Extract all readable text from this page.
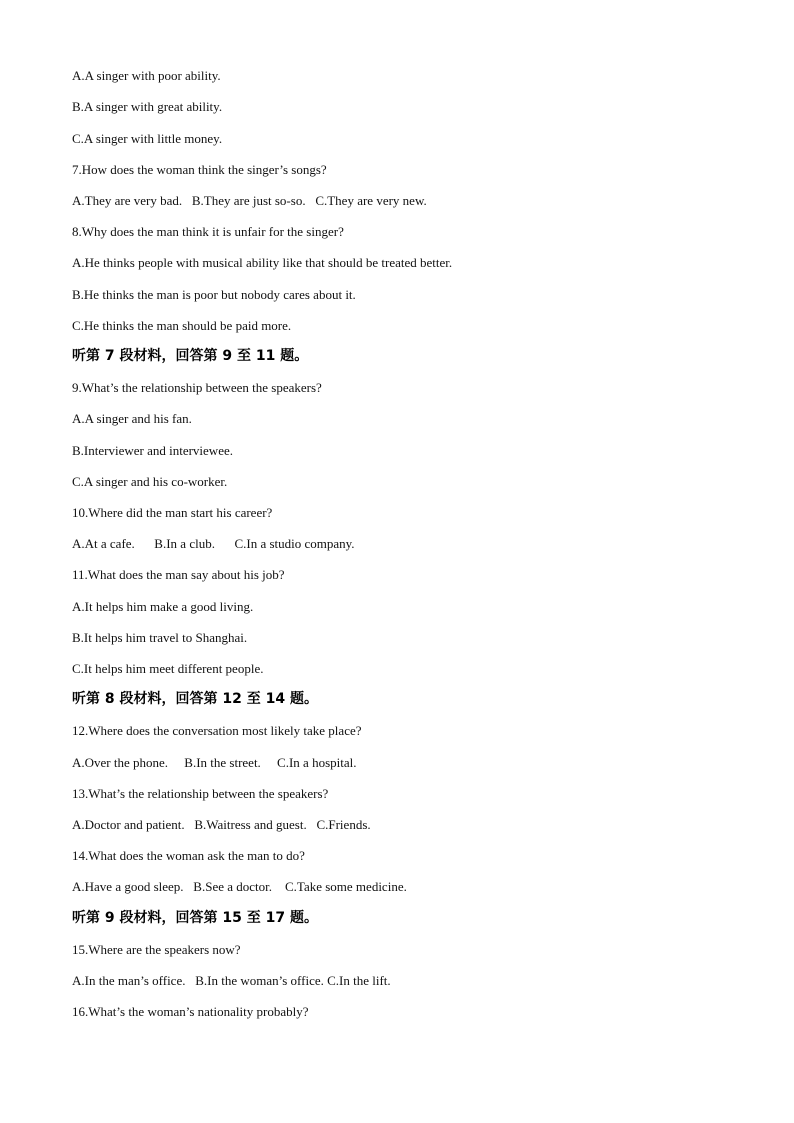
A.A singer with poor ability.
B.A singer with great ability.
C.A singer with little money.
7.How does the woman think the singer’s songs?
A.They are very bad.   B.They are just so-so.   C.They are very new.
8.Why does the man think it is unfair for the singer?
A.He thinks people with musical ability like that should be treated better.
B.He thinks the man is poor but nobody cares about it.
C.He thinks the man should be paid more.
听第 7 段材料，回答第 9 至 11 题。
9.What’s the relationship between the speakers?
A.A singer and his fan.
B.Interviewer and interviewee.
C.A singer and his co-worker.
10.Where did the man start his career?
A.At a cafe.      B.In a club.      C.In a studio company.
11.What does the man say about his job?
A.It helps him make a good living.
B.It helps him travel to Shanghai.
C.It helps him meet different people.
听第 8 段材料，回答第 12 至 14 题。
12.Where does the conversation most likely take place?
A.Over the phone.     B.In the street.     C.In a hospital.
13.What’s the relationship between the speakers?
A.Doctor and patient.   B.Waitress and guest.   C.Friends.
14.What does the woman ask the man to do?
A.Have a good sleep.   B.See a doctor.    C.Take some medicine.
听第 9 段材料，回答第 15 至 17 题。
15.Where are the speakers now?
A.In the man’s office.   B.In the woman’s office. C.In the lift.
16.What’s the woman’s nationality probably?
